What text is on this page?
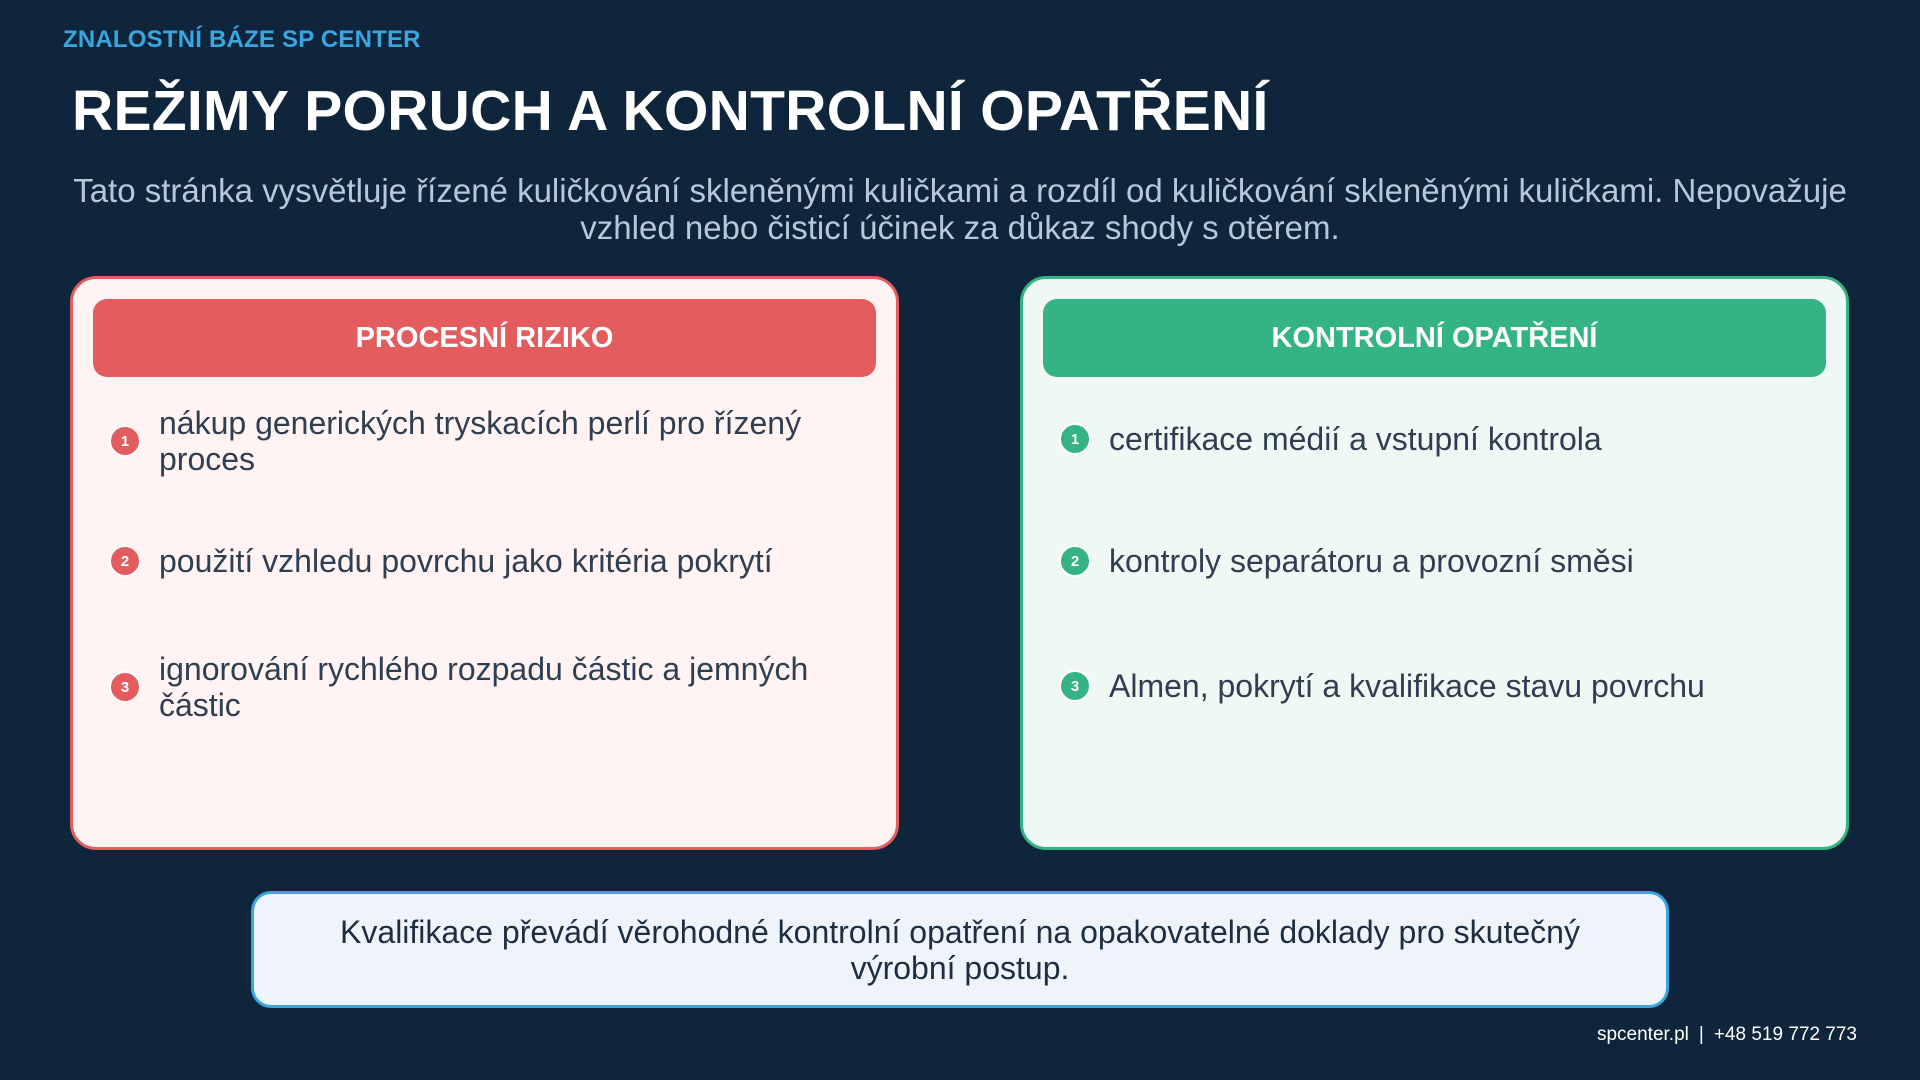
ZNALOSTNÍ BÁZE SP CENTER
REŽIMY PORUCH A KONTROLNÍ OPATŘENÍ

Tato stránka vysvětluje řízené kuličkování skleněnými kuličkami a rozdíl od kuličkování skleněnými kuličkami. Nepovažuje vzhled nebo čisticí účinek za důkaz shody s otěrem.

PROCESNÍ RIZIKO
1 nákup generických tryskacích perlí pro řízený proces
2 použití vzhledu povrchu jako kritéria pokrytí
3 ignorování rychlého rozpadu částic a jemných částic
KONTROLNÍ OPATŘENÍ
1 certifikace médií a vstupní kontrola
2 kontroly separátoru a provozní směsi
3 Almen, pokrytí a kvalifikace stavu povrchu
Kvalifikace převádí věrohodné kontrolní opatření na opakovatelné doklady pro skutečný výrobní postup.
spcenter.pl | +48 519 772 773
